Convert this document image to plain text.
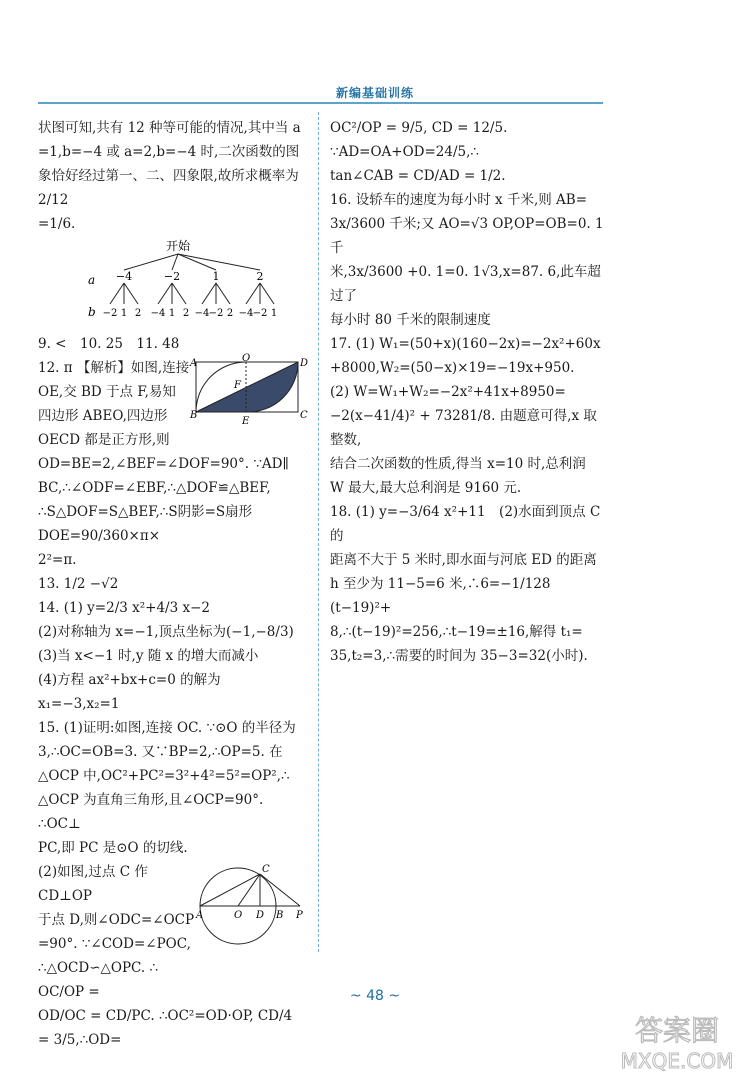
新编基础训练

状图可知,共有 12 种等可能的情况,其中当 a

=1,b=−4 或 a=2,b=−4 时,二次函数的图

象恰好经过第一、二、四象限,故所求概率为 2/12

=1/6.

开始
a
b
−4	−2	1	2
−2 1 2 −4 1 2 −4 −2 2 −4 −2 1

9. <　10. 25　11. 48

12. π 【解析】如图,连接

OE,交 BD 于点 F,易知

四边形 ABEO,四边形

OECD 都是正方形,则

A	O	D
F
B
E
C

OD=BE=2,∠BEF=∠DOF=90°. ∵AD∥

BC,∴∠ODF=∠EBF,∴△DOF≌△BEF,

∴S△DOF=S△BEF,∴S阴影=S扇形DOE=90/360×π×

2²=π.

13. 1/2 −√2

14. (1) y=2/3 x²+4/3 x−2

(2)对称轴为 x=−1,顶点坐标为(−1,−8/3)

(3)当 x<−1 时,y 随 x 的增大而减小

(4)方程 ax²+bx+c=0 的解为 x₁=−3,x₂=1

15. (1)证明:如图,连接 OC. ∵⊙O 的半径为

3,∴OC=OB=3. 又∵BP=2,∴OP=5. 在

△OCP 中,OC²+PC²=3²+4²=5²=OP²,∴

△OCP 为直角三角形,且∠OCP=90°. ∴OC⊥

PC,即 PC 是⊙O 的切线.

(2)如图,过点 C 作 CD⊥OP

于点 D,则∠ODC=∠OCP

=90°. ∵∠COD=∠POC,

∴△OCD∽△OPC. ∴ OC/OP =

C
A	O D B P

OD/OC = CD/PC. ∴OC²=OD·OP, CD/4 = 3/5,∴OD=

OC²/OP = 9/5, CD = 12/5. ∵AD=OA+OD=24/5,∴

tan∠CAB = CD/AD = 1/2.

16. 设轿车的速度为每小时 x 千米,则 AB=

3x/3600 千米;又 AO=√3 OP,OP=OB=0. 1 千

米,3x/3600 +0. 1=0. 1√3,x=87. 6,此车超过了

每小时 80 千米的限制速度

17. (1) W₁=(50+x)(160−2x)=−2x²+60x

+8000,W₂=(50−x)×19=−19x+950.

(2) W=W₁+W₂=−2x²+41x+8950=

−2(x−41/4)² + 73281/8. 由题意可得,x 取整数,

结合二次函数的性质,得当 x=10 时,总利润

W 最大,最大总利润是 9160 元.

18. (1) y=−3/64 x²+11　(2)水面到顶点 C 的

距离不大于 5 米时,即水面与河底 ED 的距离

h 至少为 11−5=6 米,∴6=−1/128 (t−19)²+

8,∴(t−19)²=256,∴t−19=±16,解得 t₁=

35,t₂=3,∴需要的时间为 35−3=32(小时).

~ 48 ~
答案圈
MXQE.COM
